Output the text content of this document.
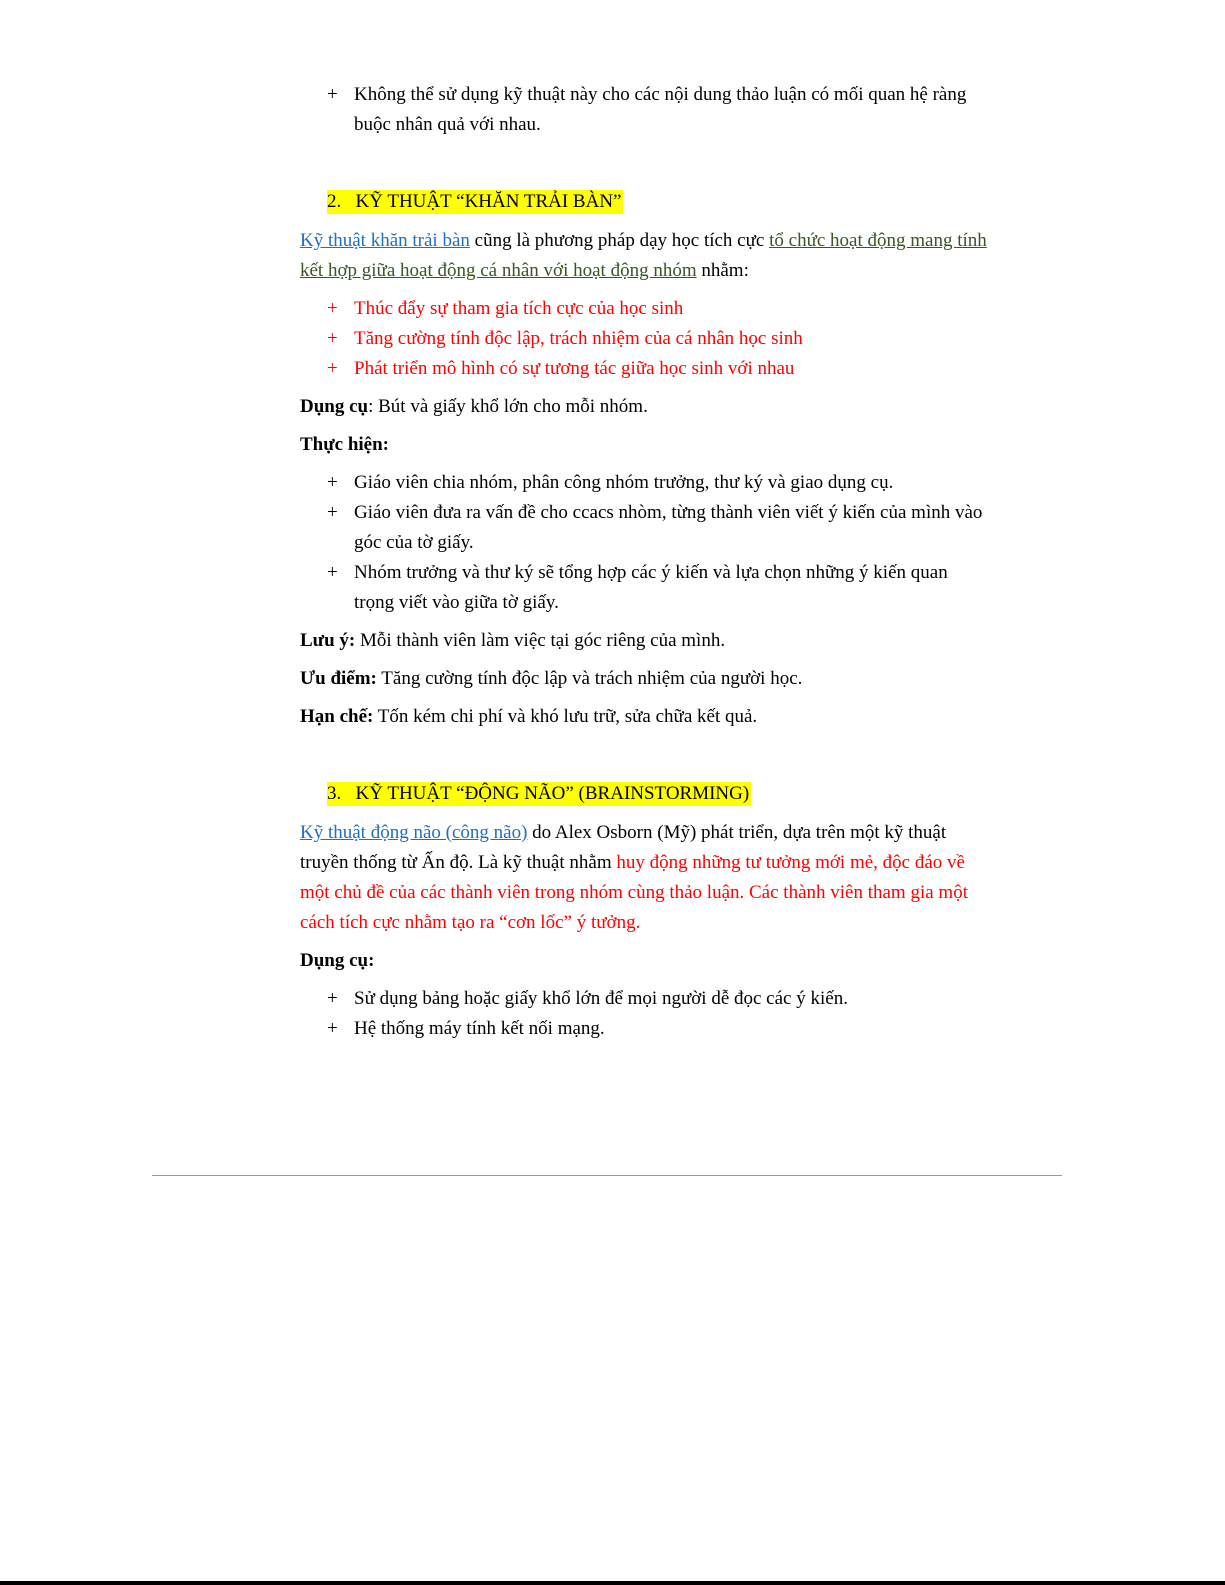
+ Không thể sử dụng kỹ thuật này cho các nội dung thảo luận có mối quan hệ ràng
buộc nhân quả với nhau.
2. KỸ THUẬT “KHĂN TRẢI BÀN”
Kỹ thuật khăn trải bàn cũng là phương pháp dạy học tích cực tổ chức hoạt động mang tính
kết hợp giữa hoạt động cá nhân với hoạt động nhóm nhằm:
+ Thúc đẩy sự tham gia tích cực của học sinh
+ Tăng cường tính độc lập, trách nhiệm của cá nhân học sinh
+ Phát triển mô hình có sự tương tác giữa học sinh với nhau
Dụng cụ: Bút và giấy khổ lớn cho mỗi nhóm.
Thực hiện:
+ Giáo viên chia nhóm, phân công nhóm trưởng, thư ký và giao dụng cụ.
+ Giáo viên đưa ra vấn đề cho ccacs nhòm, từng thành viên viết ý kiến của mình vào
góc của tờ giấy.
+ Nhóm trưởng và thư ký sẽ tổng hợp các ý kiến và lựa chọn những ý kiến quan
trọng viết vào giữa tờ giấy.
Lưu ý: Mỗi thành viên làm việc tại góc riêng của mình.
Ưu điểm: Tăng cường tính độc lập và trách nhiệm của người học.
Hạn chế: Tốn kém chi phí và khó lưu trữ, sửa chữa kết quả.
3. KỸ THUẬT “ĐỘNG NÃO” (BRAINSTORMING)
Kỹ thuật động não (công não) do Alex Osborn (Mỹ) phát triển, dựa trên một kỹ thuật
truyền thống từ Ấn độ. Là kỹ thuật nhằm huy động những tư tưởng mới mẻ, độc đáo về
một chủ đề của các thành viên trong nhóm cùng thảo luận. Các thành viên tham gia một
cách tích cực nhằm tạo ra “cơn lốc” ý tưởng.
Dụng cụ:
+ Sử dụng bảng hoặc giấy khổ lớn để mọi người dễ đọc các ý kiến.
+ Hệ thống máy tính kết nối mạng.
